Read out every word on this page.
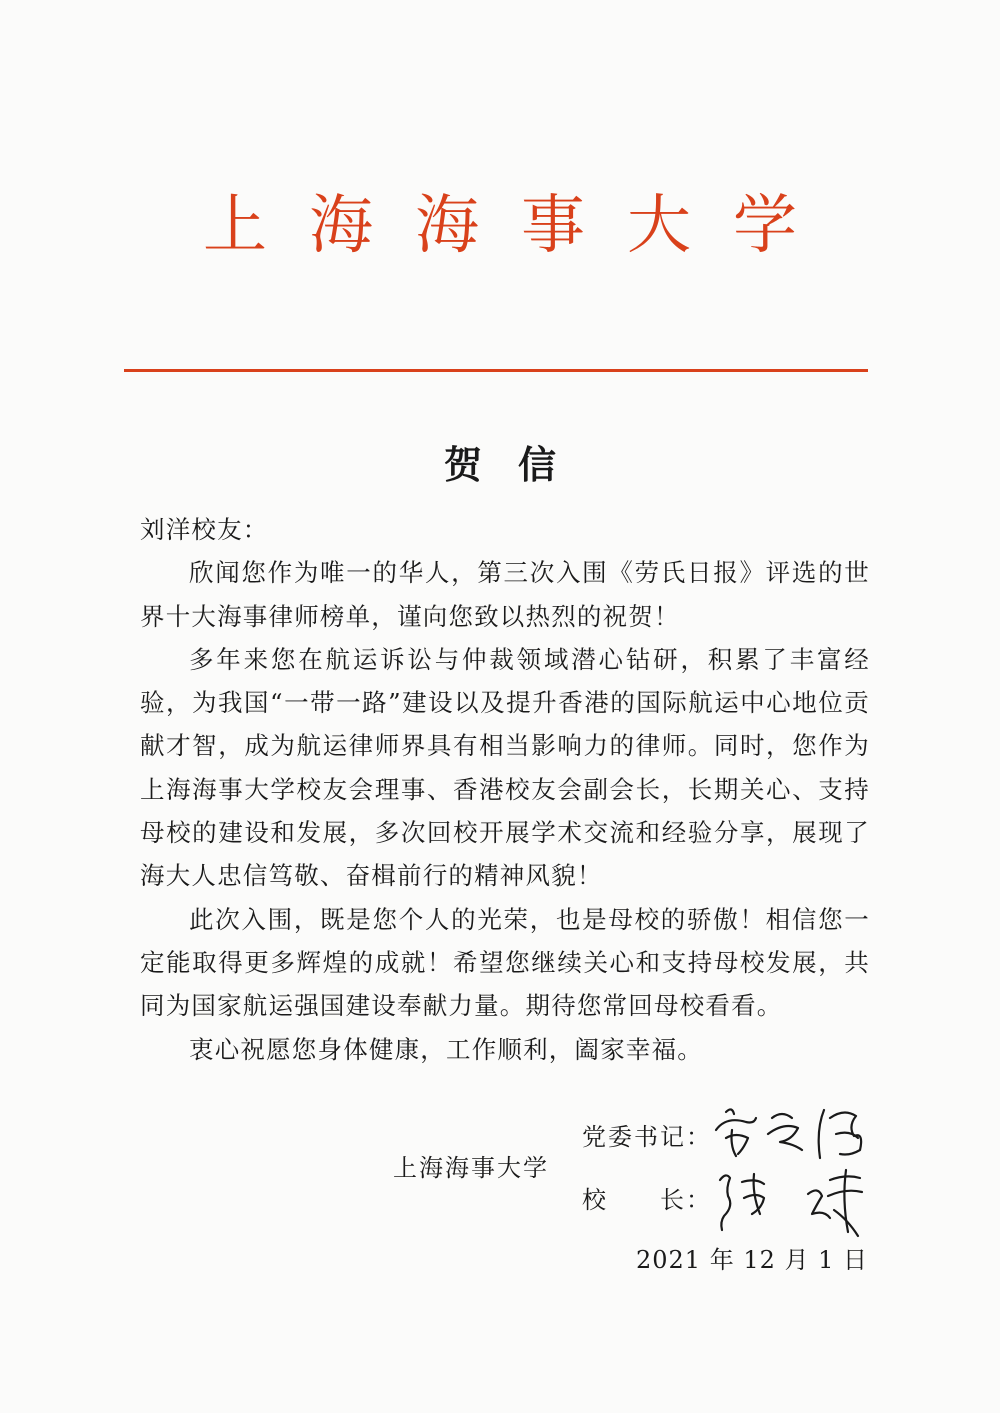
上海海事大学
贺信

刘洋校友：

欣闻您作为唯一的华人，第三次入围《劳氏日报》评选的世界十大海事律师榜单，谨向您致以热烈的祝贺！

多年来您在航运诉讼与仲裁领域潜心钻研，积累了丰富经验，为我国“一带一路”建设以及提升香港的国际航运中心地位贡献才智，成为航运律师界具有相当影响力的律师。同时，您作为上海海事大学校友会理事、香港校友会副会长，长期关心、支持母校的建设和发展，多次回校开展学术交流和经验分享，展现了海大人忠信笃敬、奋楫前行的精神风貌！

此次入围，既是您个人的光荣，也是母校的骄傲！相信您一定能取得更多辉煌的成就！希望您继续关心和支持母校发展，共同为国家航运强国建设奉献力量。期待您常回母校看看。

衷心祝愿您身体健康，工作顺利，阖家幸福。

上海海事大学
党委书记：
校　　长：
2021 年 12 月 1 日
